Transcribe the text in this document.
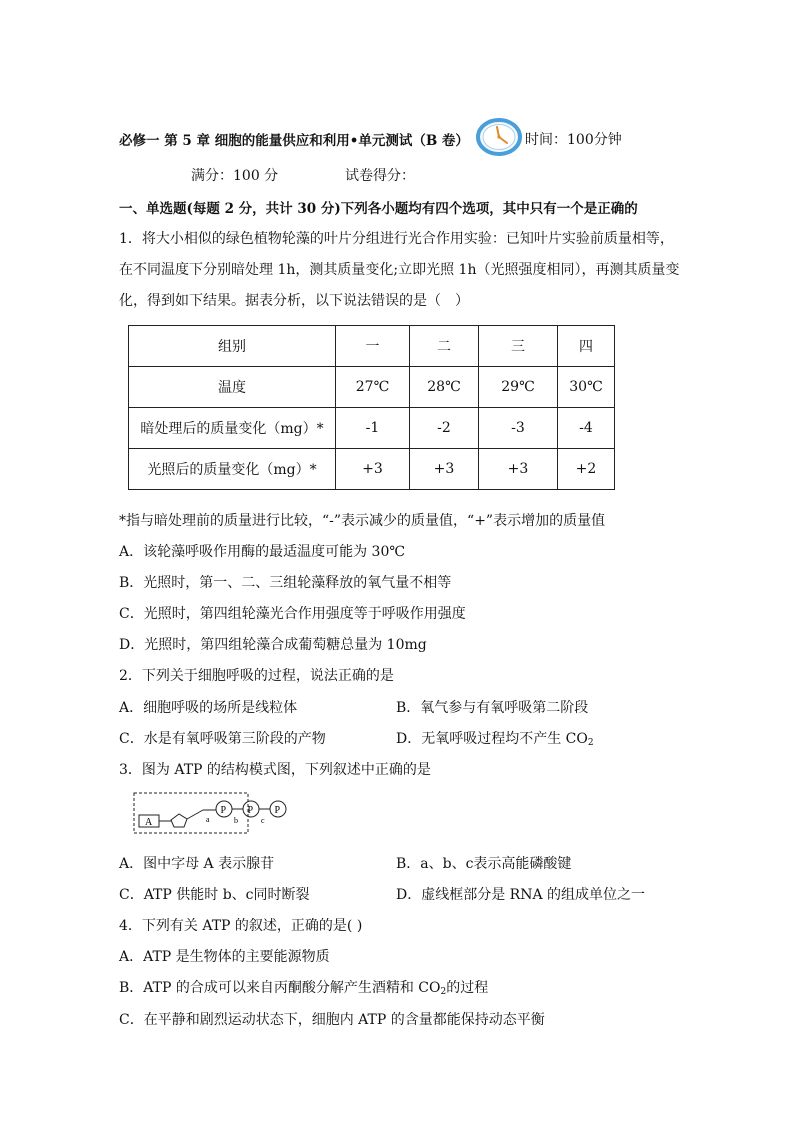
必修一 第 5 章 细胞的能量供应和利用•单元测试（B 卷）	时间：100分钟
满分：100 分	试卷得分：
一、单选题(每题 2 分，共计 30 分)下列各小题均有四个选项，其中只有一个是正确的
1．将大小相似的绿色植物轮藻的叶片分组进行光合作用实验：已知叶片实验前质量相等，
在不同温度下分别暗处理 1h，测其质量变化;立即光照 1h（光照强度相同），再测其质量变
化，得到如下结果。据表分析，以下说法错误的是（　）
组别	一	二	三	四
温度	27℃	28℃	29℃	30℃
暗处理后的质量变化（mg）*	-1	-2	-3	-4
光照后的质量变化（mg）*	+3	+3	+3	+2
*指与暗处理前的质量进行比较，“-”表示减少的质量值，“+”表示增加的质量值
A．该轮藻呼吸作用酶的最适温度可能为 30℃
B．光照时，第一、二、三组轮藻释放的氧气量不相等
C．光照时，第四组轮藻光合作用强度等于呼吸作用强度
D．光照时，第四组轮藻合成葡萄糖总量为 10mg
2．下列关于细胞呼吸的过程，说法正确的是
A．细胞呼吸的场所是线粒体	B．氧气参与有氧呼吸第二阶段
C．水是有氧呼吸第三阶段的产物	D．无氧呼吸过程均不产生 $CO_2$
3．图为 ATP 的结构模式图，下列叙述中正确的是
A	a
P
b
P
c
P
A．图中字母 A 表示腺苷	B．a、b、c表示高能磷酸键
C．ATP 供能时 b、c同时断裂	D．虚线框部分是 RNA 的组成单位之一
4．下列有关 ATP 的叙述，正确的是( )
A．ATP 是生物体的主要能源物质
B．ATP 的合成可以来自丙酮酸分解产生酒精和 $CO_2$的过程
C．在平静和剧烈运动状态下，细胞内 ATP 的含量都能保持动态平衡
